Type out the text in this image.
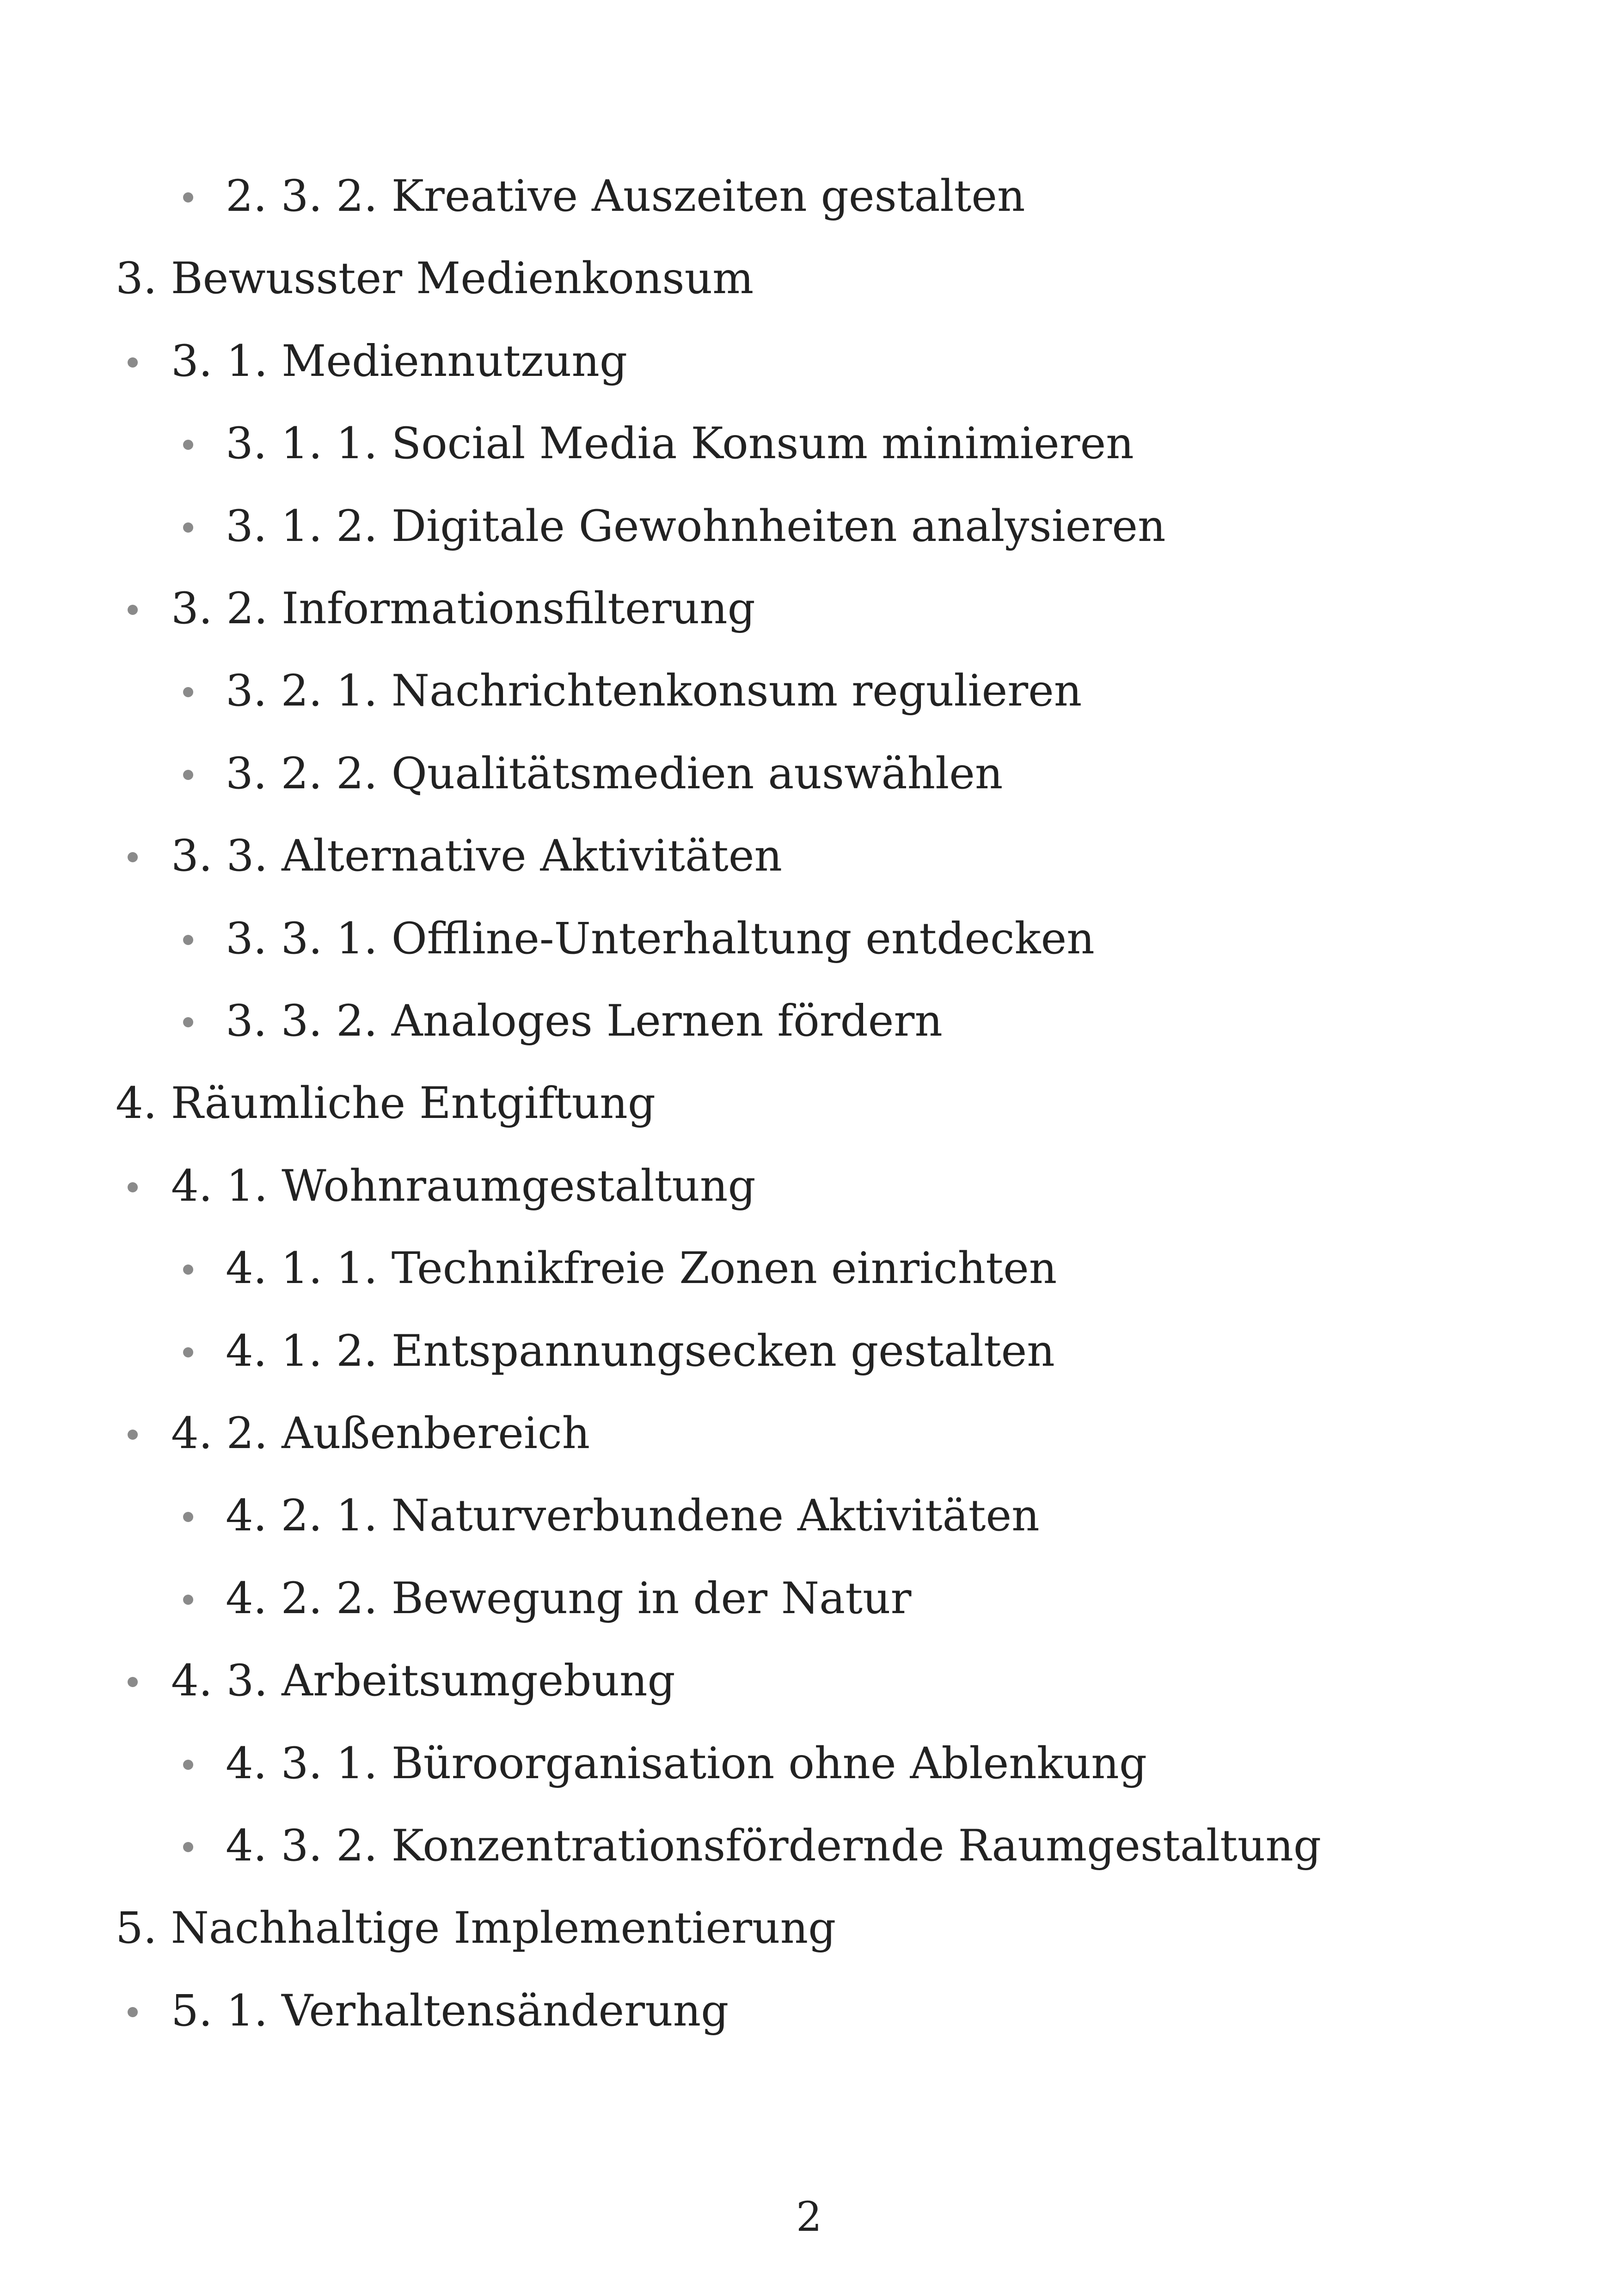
2. 3. 2. Kreative Auszeiten gestalten
3. Bewusster Medienkonsum
3. 1. Mediennutzung
3. 1. 1. Social Media Konsum minimieren
3. 1. 2. Digitale Gewohnheiten analysieren
3. 2. Informationsfilterung
3. 2. 1. Nachrichtenkonsum regulieren
3. 2. 2. Qualitätsmedien auswählen
3. 3. Alternative Aktivitäten
3. 3. 1. Offline-Unterhaltung entdecken
3. 3. 2. Analoges Lernen fördern
4. Räumliche Entgiftung
4. 1. Wohnraumgestaltung
4. 1. 1. Technikfreie Zonen einrichten
4. 1. 2. Entspannungsecken gestalten
4. 2. Außenbereich
4. 2. 1. Naturverbundene Aktivitäten
4. 2. 2. Bewegung in der Natur
4. 3. Arbeitsumgebung
4. 3. 1. Büroorganisation ohne Ablenkung
4. 3. 2. Konzentrationsfördernde Raumgestaltung
5. Nachhaltige Implementierung
5. 1. Verhaltensänderung
2
